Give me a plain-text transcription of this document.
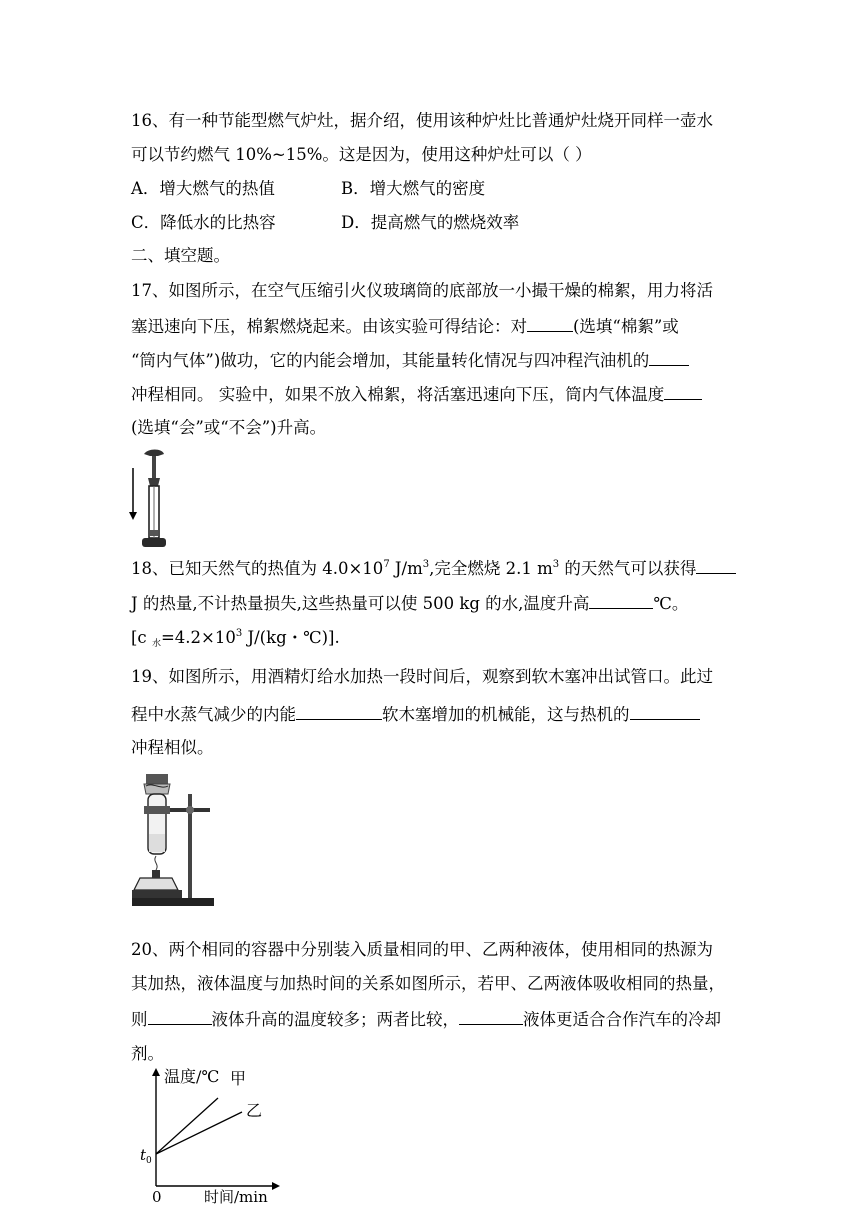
16、有一种节能型燃气炉灶，据介绍，使用该种炉灶比普通炉灶烧开同样一壶水
可以节约燃气 10%~15%。这是因为，使用这种炉灶可以（ ）
A．增大燃气的热值	B．增大燃气的密度
C．降低水的比热容	D．提高燃气的燃烧效率
二、填空题。
17、如图所示，在空气压缩引火仪玻璃筒的底部放一小撮干燥的棉絮，用力将活
塞迅速向下压，棉絮燃烧起来。由该实验可得结论：对	(选填“棉絮”或
“筒内气体”)做功，它的内能会增加，其能量转化情况与四冲程汽油机的
冲程相同。 实验中，如果不放入棉絮，将活塞迅速向下压，筒内气体温度
(选填“会”或“不会”)升高。
18、已知天然气的热值为 $4.0\times 10^7$ $J/m^3$,完全燃烧 2.1 $m^3$ 的天然气可以获得
J 的热量,不计热量损失,这些热量可以使 500 kg 的水,温度升高	℃。
[c $_水=4.2\times 10^3$ J/(kg・℃)].
19、如图所示，用酒精灯给水加热一段时间后，观察到软木塞冲出试管口。此过
程中水蒸气减少的内能	软木塞增加的机械能，这与热机的
冲程相似。
20、两个相同的容器中分别装入质量相同的甲、乙两种液体，使用相同的热源为
其加热，液体温度与加热时间的关系如图所示，若甲、乙两液体吸收相同的热量，
则	液体升高的温度较多；两者比较，	液体更适合合作汽车的冷却
剂。
温度/℃ 甲
乙
t 0
0	时间/min
